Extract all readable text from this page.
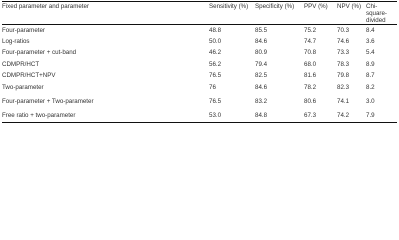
Fixed parameter and parameter	Sensitivity (%)	Specificity (%)	PPV (%)	NPV (%)	Chi-square-divided
Four-parameter	48.8	85.5	75.2	70.3	8.4
Log-ratios	50.0	84.6	74.7	74.6	3.6
Four-parameter + cut-band	46.2	80.9	70.8	73.3	5.4
CDMPR/HCT	56.2	79.4	68.0	78.3	8.9
CDMPR/HCT+NPV	76.5	82.5	81.6	79.8	8.7
Two-parameter	76	84.6	78.2	82.3	8.2
Four-parameter + Two-parameter	76.5	83.2	80.6	74.1	3.0
Free ratio + two-parameter	53.0	84.8	67.3	74.2	7.9
